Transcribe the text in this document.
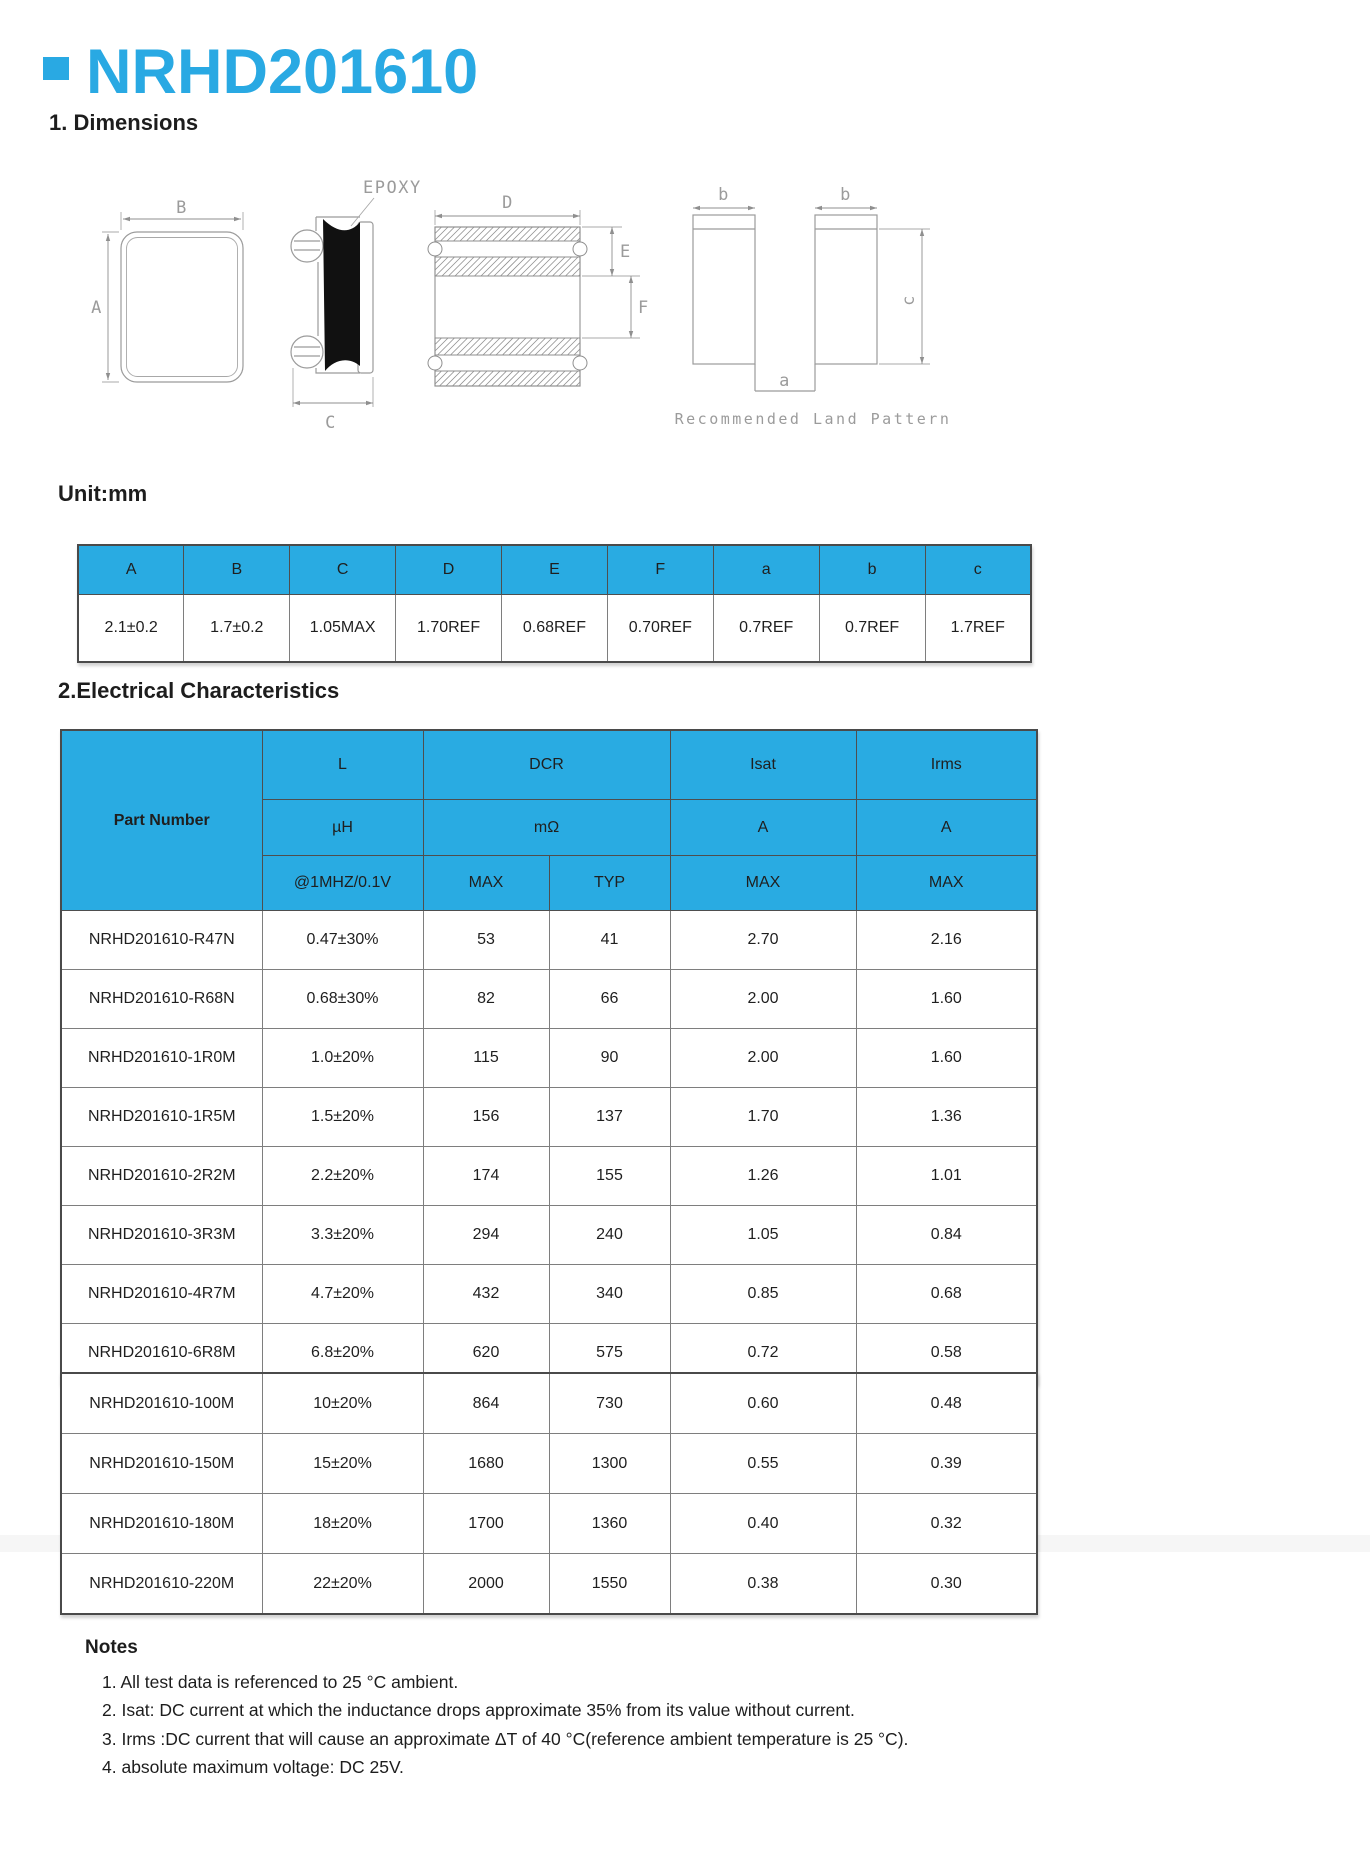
NRHD201610
1. Dimensions
B
A
EPOXY
C
D
E
F
b	b
a
c
Recommended Land Pattern
Unit:mm
A	B	C	D	E	F	a	b	c
2.1±0.2	1.7±0.2	1.05MAX	1.70REF	0.68REF	0.70REF	0.7REF	0.7REF	1.7REF
2.Electrical Characteristics
Part Number	L	DCR		Isat	Irms
	µH	mΩ		A	A
	@1MHZ/0.1V	MAX	TYP	MAX	MAX
NRHD201610-R47N	0.47±30%	53	41	2.70	2.16
NRHD201610-R68N	0.68±30%	82	66	2.00	1.60
NRHD201610-1R0M	1.0±20%	115	90	2.00	1.60
NRHD201610-1R5M	1.5±20%	156	137	1.70	1.36
NRHD201610-2R2M	2.2±20%	174	155	1.26	1.01
NRHD201610-3R3M	3.3±20%	294	240	1.05	0.84
NRHD201610-4R7M	4.7±20%	432	340	0.85	0.68
NRHD201610-6R8M	6.8±20%	620	575	0.72	0.58
NRHD201610-100M	10±20%	864	730	0.60	0.48
NRHD201610-150M	15±20%	1680	1300	0.55	0.39
NRHD201610-180M	18±20%	1700	1360	0.40	0.32
NRHD201610-220M	22±20%	2000	1550	0.38	0.30
Notes
1. All test data is referenced to 25 °C ambient.
2. Isat: DC current at which the inductance drops approximate 35% from its value without current.
3. Irms :DC current that will cause an approximate ΔT of 40 °C(reference ambient temperature is 25 °C).
4. absolute maximum voltage: DC 25V.
